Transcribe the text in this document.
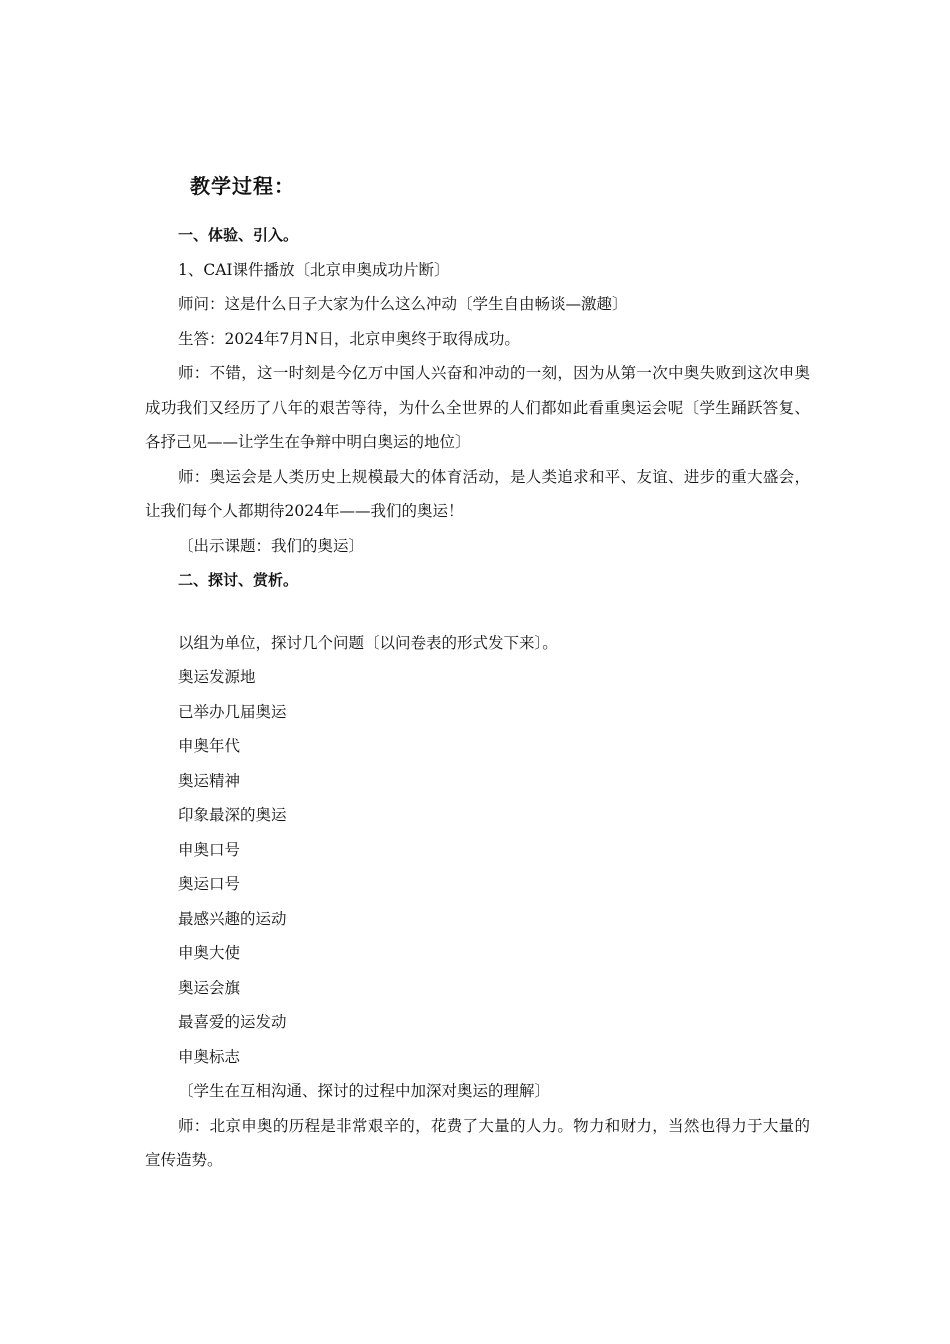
教学过程：

一、体验、引入。

1、CAI课件播放〔北京申奥成功片断〕

师问：这是什么日子大家为什么这么冲动〔学生自由畅谈—激趣〕

生答：2024年7月N日，北京申奥终于取得成功。

师：不错，这一时刻是今亿万中国人兴奋和冲动的一刻，因为从第一次中奥失败到这次申奥成功我们又经历了八年的艰苦等待，为什么全世界的人们都如此看重奥运会呢〔学生踊跃答复、各抒己见——让学生在争辩中明白奥运的地位〕

师：奥运会是人类历史上规模最大的体育活动，是人类追求和平、友谊、进步的重大盛会，让我们每个人都期待2024年——我们的奥运！

〔出示课题：我们的奥运〕

二、探讨、赏析。

以组为单位，探讨几个问题〔以问卷表的形式发下来〕。

奥运发源地

已举办几届奥运

申奥年代

奥运精神

印象最深的奥运

申奥口号

奥运口号

最感兴趣的运动

申奥大使

奥运会旗

最喜爱的运发动

申奥标志

〔学生在互相沟通、探讨的过程中加深对奥运的理解〕

师：北京申奥的历程是非常艰辛的，花费了大量的人力。物力和财力，当然也得力于大量的宣传造势。
